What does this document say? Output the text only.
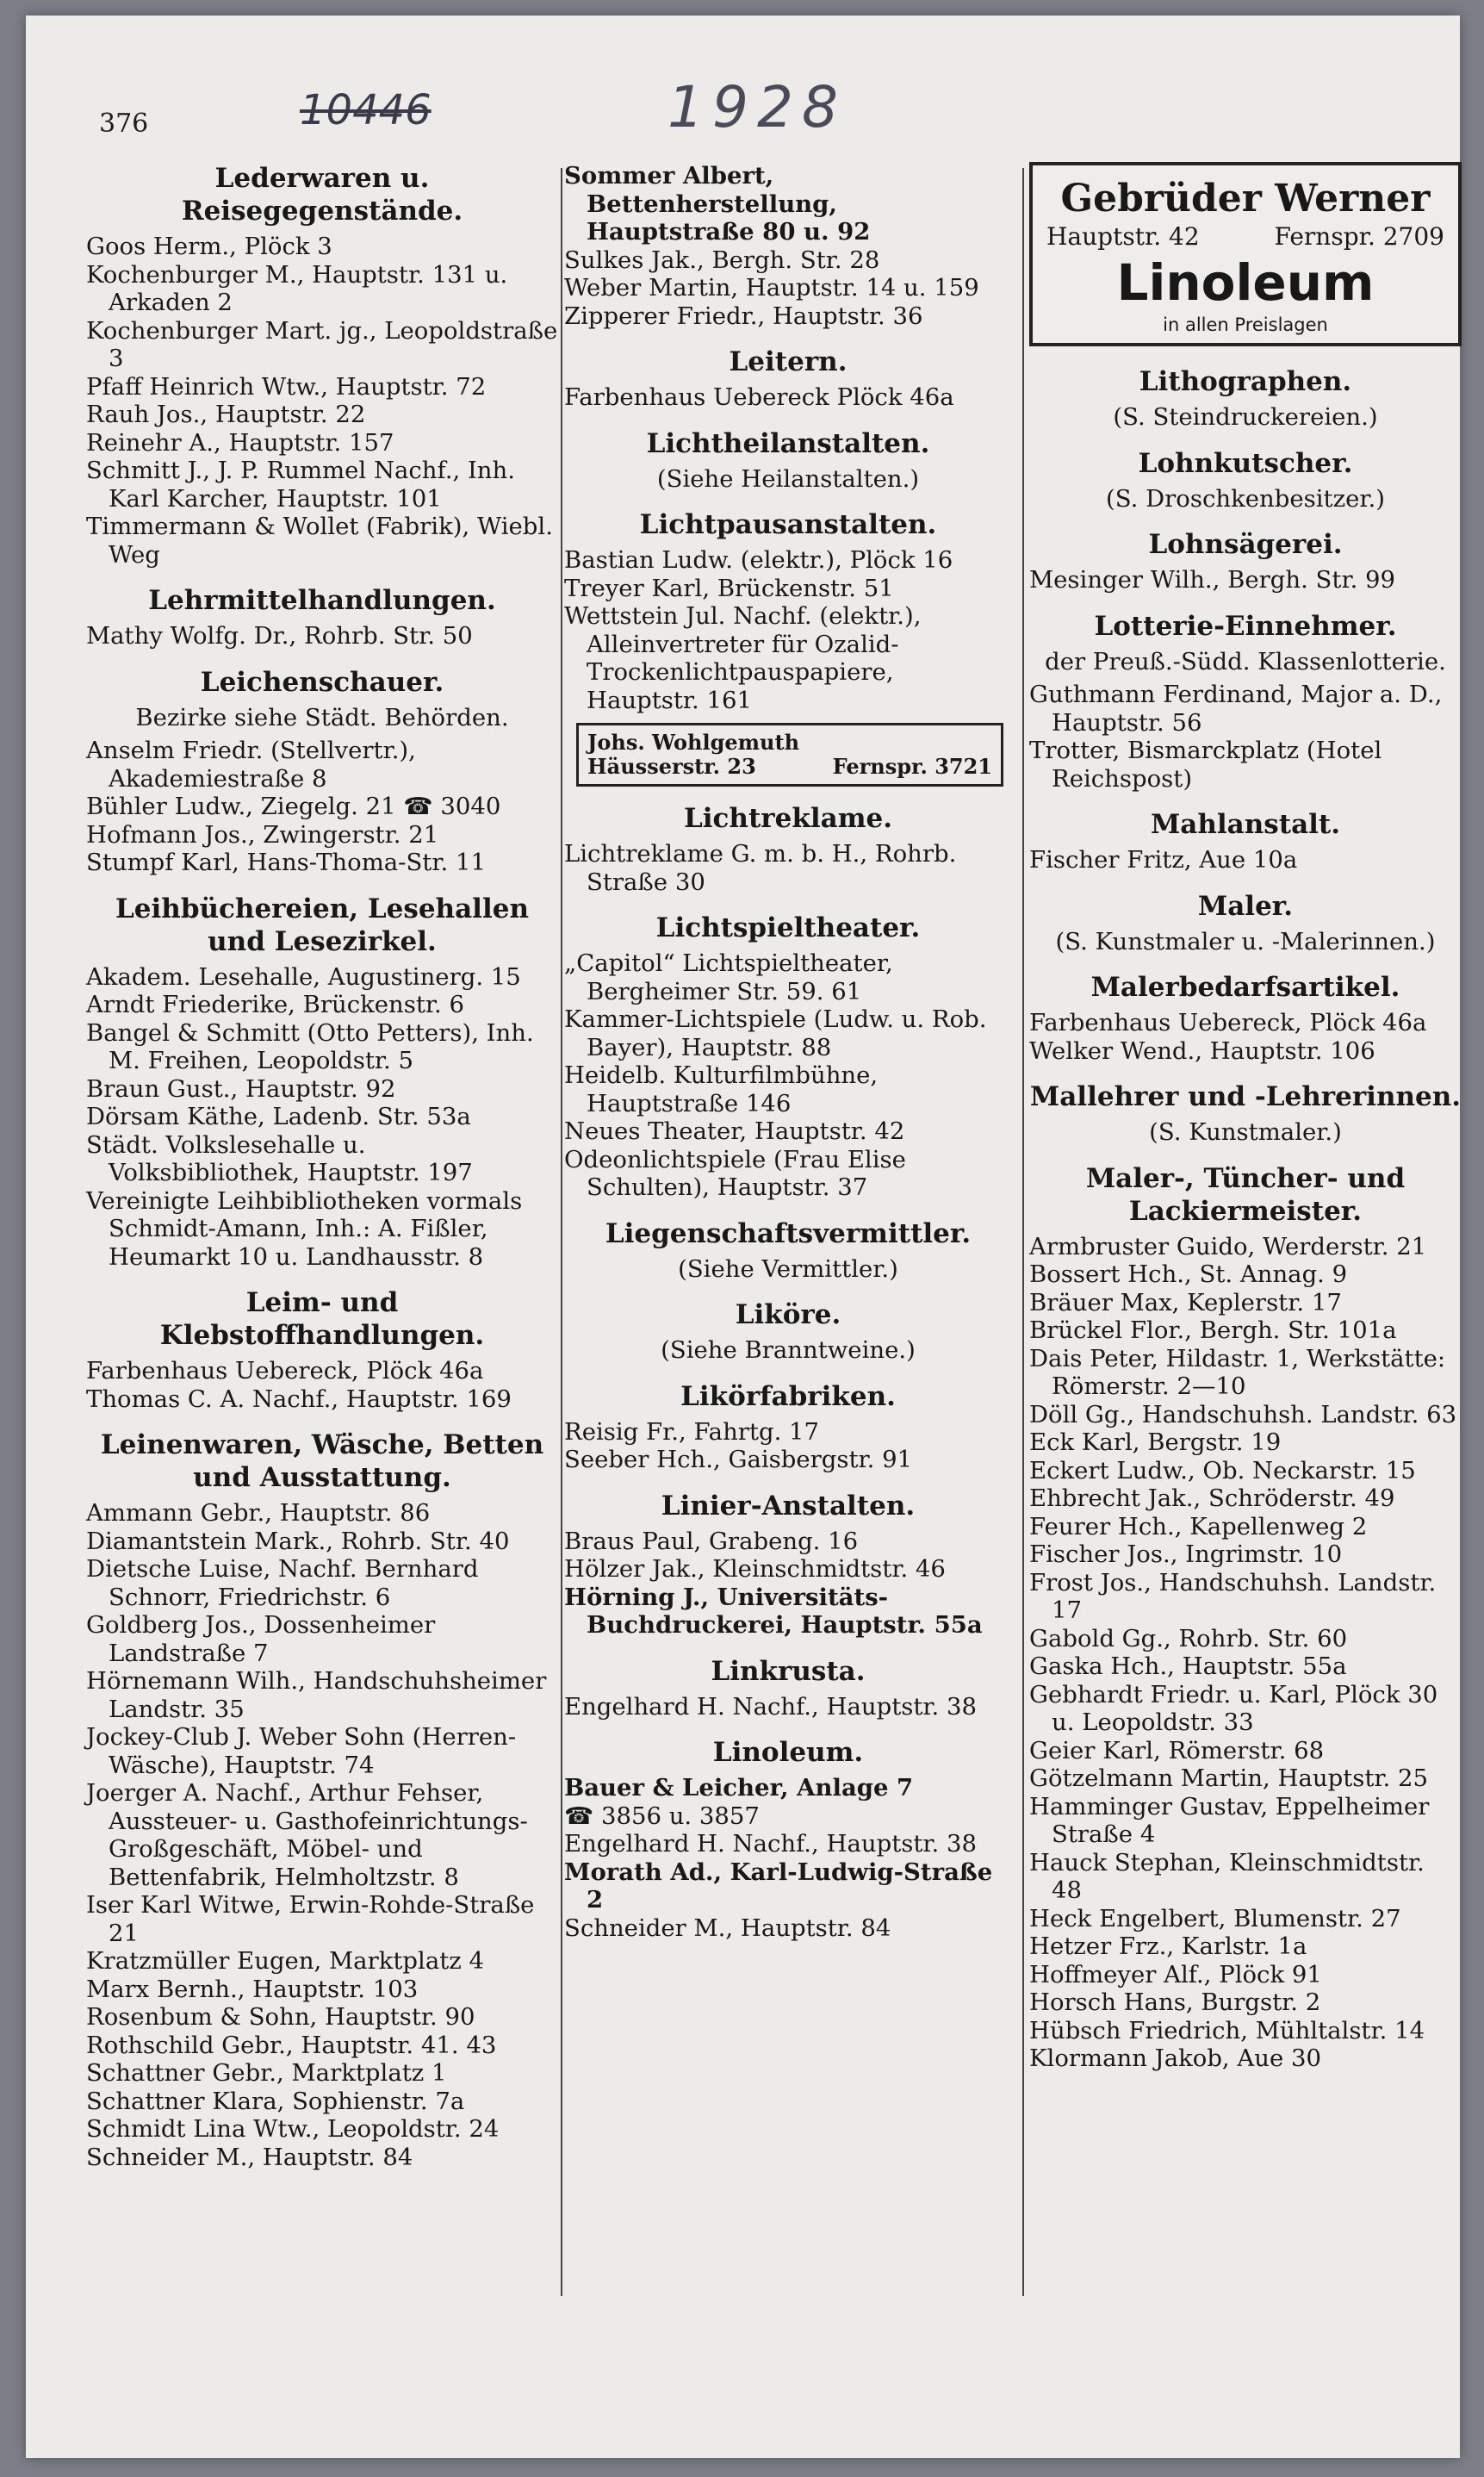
376	10446	1928
Lederwaren u. Reisegegenstände.
Goos Herm., Plöck 3
Kochenburger M., Hauptstr. 131 u. Arkaden 2
Kochenburger Mart. jg., Leopoldstraße 3
Pfaff Heinrich Wtw., Hauptstr. 72
Rauh Jos., Hauptstr. 22
Reinehr A., Hauptstr. 157
Schmitt J., J. P. Rummel Nachf., Inh. Karl Karcher, Hauptstr. 101
Timmermann & Wollet (Fabrik), Wiebl. Weg
Lehrmittelhandlungen.
Mathy Wolfg. Dr., Rohrb. Str. 50
Leichenschauer.
Bezirke siehe Städt. Behörden.
Anselm Friedr. (Stellvertr.), Akademiestraße 8
Bühler Ludw., Ziegelg. 21 ☎ 3040
Hofmann Jos., Zwingerstr. 21
Stumpf Karl, Hans-Thoma-Str. 11
Leihbüchereien, Lesehallen und Lesezirkel.
Akadem. Lesehalle, Augustinerg. 15
Arndt Friederike, Brückenstr. 6
Bangel & Schmitt (Otto Petters), Inh. M. Freihen, Leopoldstr. 5
Braun Gust., Hauptstr. 92
Dörsam Käthe, Ladenb. Str. 53a
Städt. Volkslesehalle u. Volksbibliothek, Hauptstr. 197
Vereinigte Leihbibliotheken vormals Schmidt-Amann, Inh.: A. Fißler, Heumarkt 10 u. Landhausstr. 8
Leim- und Klebstoffhandlungen.
Farbenhaus Uebereck, Plöck 46a
Thomas C. A. Nachf., Hauptstr. 169
Leinenwaren, Wäsche, Betten und Ausstattung.
Ammann Gebr., Hauptstr. 86
Diamantstein Mark., Rohrb. Str. 40
Dietsche Luise, Nachf. Bernhard Schnorr, Friedrichstr. 6
Goldberg Jos., Dossenheimer Landstraße 7
Hörnemann Wilh., Handschuhsheimer Landstr. 35
Jockey-Club J. Weber Sohn (Herren-Wäsche), Hauptstr. 74
Joerger A. Nachf., Arthur Fehser, Aussteuer- u. Gasthofeinrichtungs-Großgeschäft, Möbel- und Bettenfabrik, Helmholtzstr. 8
Iser Karl Witwe, Erwin-Rohde-Straße 21
Kratzmüller Eugen, Marktplatz 4
Marx Bernh., Hauptstr. 103
Rosenbum & Sohn, Hauptstr. 90
Rothschild Gebr., Hauptstr. 41. 43
Schattner Gebr., Marktplatz 1
Schattner Klara, Sophienstr. 7a
Schmidt Lina Wtw., Leopoldstr. 24
Schneider M., Hauptstr. 84
Sommer Albert, Bettenherstellung, Hauptstraße 80 u. 92
Sulkes Jak., Bergh. Str. 28
Weber Martin, Hauptstr. 14 u. 159
Zipperer Friedr., Hauptstr. 36
Leitern.
Farbenhaus Uebereck Plöck 46a
Lichtheilanstalten.
(Siehe Heilanstalten.)
Lichtpausanstalten.
Bastian Ludw. (elektr.), Plöck 16
Treyer Karl, Brückenstr. 51
Wettstein Jul. Nachf. (elektr.), Alleinvertreter für Ozalid-Trockenlichtpauspapiere, Hauptstr. 161
Johs. Wohlgemuth
Häusserstr. 23	Fernspr. 3721
Lichtreklame.
Lichtreklame G. m. b. H., Rohrb. Straße 30
Lichtspieltheater.
„Capitol“ Lichtspieltheater, Bergheimer Str. 59. 61
Kammer-Lichtspiele (Ludw. u. Rob. Bayer), Hauptstr. 88
Heidelb. Kulturfilmbühne, Hauptstraße 146
Neues Theater, Hauptstr. 42
Odeonlichtspiele (Frau Elise Schulten), Hauptstr. 37
Liegenschaftsvermittler.
(Siehe Vermittler.)
Liköre.
(Siehe Branntweine.)
Likörfabriken.
Reisig Fr., Fahrtg. 17
Seeber Hch., Gaisbergstr. 91
Linier-Anstalten.
Braus Paul, Grabeng. 16
Hölzer Jak., Kleinschmidtstr. 46
Hörning J., Universitäts-Buchdruckerei, Hauptstr. 55a
Linkrusta.
Engelhard H. Nachf., Hauptstr. 38
Linoleum.
Bauer & Leicher, Anlage 7
☎ 3856 u. 3857
Engelhard H. Nachf., Hauptstr. 38
Morath Ad., Karl-Ludwig-Straße 2
Schneider M., Hauptstr. 84
Gebrüder Werner
Hauptstr. 42	Fernspr. 2709
Linoleum
in allen Preislagen
Lithographen.
(S. Steindruckereien.)
Lohnkutscher.
(S. Droschkenbesitzer.)
Lohnsägerei.
Mesinger Wilh., Bergh. Str. 99
Lotterie-Einnehmer.
der Preuß.-Südd. Klassenlotterie.
Guthmann Ferdinand, Major a. D., Hauptstr. 56
Trotter, Bismarckplatz (Hotel Reichspost)
Mahlanstalt.
Fischer Fritz, Aue 10a
Maler.
(S. Kunstmaler u. -Malerinnen.)
Malerbedarfsartikel.
Farbenhaus Uebereck, Plöck 46a
Welker Wend., Hauptstr. 106
Mallehrer und -Lehrerinnen.
(S. Kunstmaler.)
Maler-, Tüncher- und Lackiermeister.
Armbruster Guido, Werderstr. 21
Bossert Hch., St. Annag. 9
Bräuer Max, Keplerstr. 17
Brückel Flor., Bergh. Str. 101a
Dais Peter, Hildastr. 1, Werkstätte: Römerstr. 2—10
Döll Gg., Handschuhsh. Landstr. 63
Eck Karl, Bergstr. 19
Eckert Ludw., Ob. Neckarstr. 15
Ehbrecht Jak., Schröderstr. 49
Feurer Hch., Kapellenweg 2
Fischer Jos., Ingrimstr. 10
Frost Jos., Handschuhsh. Landstr. 17
Gabold Gg., Rohrb. Str. 60
Gaska Hch., Hauptstr. 55a
Gebhardt Friedr. u. Karl, Plöck 30 u. Leopoldstr. 33
Geier Karl, Römerstr. 68
Götzelmann Martin, Hauptstr. 25
Hamminger Gustav, Eppelheimer Straße 4
Hauck Stephan, Kleinschmidtstr. 48
Heck Engelbert, Blumenstr. 27
Hetzer Frz., Karlstr. 1a
Hoffmeyer Alf., Plöck 91
Horsch Hans, Burgstr. 2
Hübsch Friedrich, Mühltalstr. 14
Klormann Jakob, Aue 30
